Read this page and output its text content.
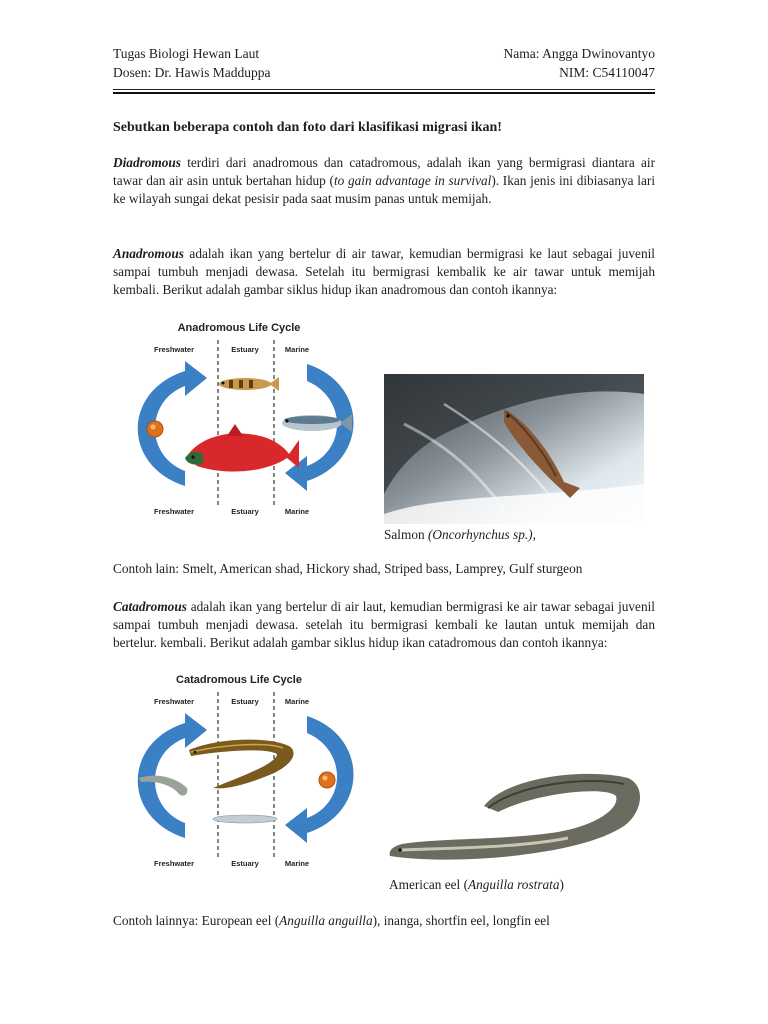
Tugas Biologi Hewan Laut
Dosen: Dr. Hawis Madduppa
Nama: Angga Dwinovantyo
NIM: C54110047
Sebutkan beberapa contoh dan foto dari klasifikasi migrasi ikan!
Diadromous terdiri dari anadromous dan catadromous, adalah ikan yang bermigrasi diantara air tawar dan air asin untuk bertahan hidup (to gain advantage in survival). Ikan jenis ini dibiasanya lari ke wilayah sungai dekat pesisir pada saat musim panas untuk memijah.
Anadromous adalah ikan yang bertelur di air tawar, kemudian bermigrasi ke laut sebagai juvenil sampai tumbuh menjadi dewasa. Setelah itu bermigrasi kembalik ke air tawar untuk memijah kembali. Berikut adalah gambar siklus hidup ikan anadromous dan contoh ikannya:
Anadromous Life Cycle
Freshwater	Estuary	Marine
Freshwater	Estuary	Marine
Salmon (Oncorhynchus sp.),
Contoh lain: Smelt, American shad, Hickory shad, Striped bass, Lamprey, Gulf sturgeon
Catadromous adalah ikan yang bertelur di air laut, kemudian bermigrasi ke air tawar sebagai juvenil sampai tumbuh menjadi dewasa. setelah itu bermigrasi kembali ke lautan untuk memijah dan bertelur. kembali. Berikut adalah gambar siklus hidup ikan catadromous dan contoh ikannya:
Catadromous Life Cycle
Freshwater	Estuary	Marine
Freshwater	Estuary	Marine
American eel (Anguilla rostrata)
Contoh lainnya: European eel (Anguilla anguilla), inanga, shortfin eel, longfin eel
